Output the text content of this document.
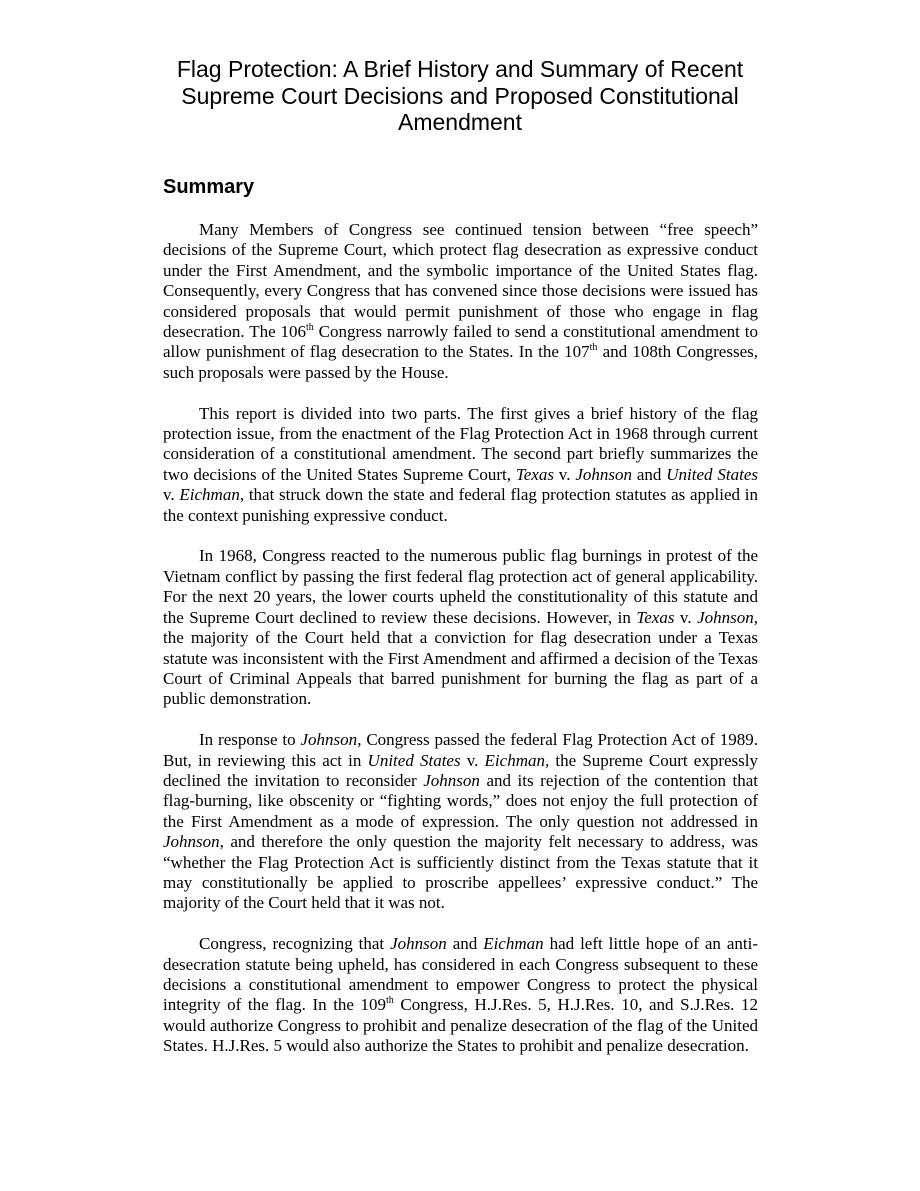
Flag Protection: A Brief History and Summary of Recent Supreme Court Decisions and Proposed Constitutional Amendment
Summary

Many Members of Congress see continued tension between “free speech” decisions of the Supreme Court, which protect flag desecration as expressive conduct under the First Amendment, and the symbolic importance of the United States flag. Consequently, every Congress that has convened since those decisions were issued has considered proposals that would permit punishment of those who engage in flag desecration. The 106th Congress narrowly failed to send a constitutional amendment to allow punishment of flag desecration to the States. In the 107th and 108th Congresses, such proposals were passed by the House.

This report is divided into two parts. The first gives a brief history of the flag protection issue, from the enactment of the Flag Protection Act in 1968 through current consideration of a constitutional amendment. The second part briefly summarizes the two decisions of the United States Supreme Court, Texas v. Johnson and United States v. Eichman, that struck down the state and federal flag protection statutes as applied in the context punishing expressive conduct.

In 1968, Congress reacted to the numerous public flag burnings in protest of the Vietnam conflict by passing the first federal flag protection act of general applicability. For the next 20 years, the lower courts upheld the constitutionality of this statute and the Supreme Court declined to review these decisions. However, in Texas v. Johnson, the majority of the Court held that a conviction for flag desecration under a Texas statute was inconsistent with the First Amendment and affirmed a decision of the Texas Court of Criminal Appeals that barred punishment for burning the flag as part of a public demonstration.

In response to Johnson, Congress passed the federal Flag Protection Act of 1989. But, in reviewing this act in United States v. Eichman, the Supreme Court expressly declined the invitation to reconsider Johnson and its rejection of the contention that flag-burning, like obscenity or “fighting words,” does not enjoy the full protection of the First Amendment as a mode of expression. The only question not addressed in Johnson, and therefore the only question the majority felt necessary to address, was “whether the Flag Protection Act is sufficiently distinct from the Texas statute that it may constitutionally be applied to proscribe appellees’ expressive conduct.” The majority of the Court held that it was not.

Congress, recognizing that Johnson and Eichman had left little hope of an anti-desecration statute being upheld, has considered in each Congress subsequent to these decisions a constitutional amendment to empower Congress to protect the physical integrity of the flag. In the 109th Congress, H.J.Res. 5, H.J.Res. 10, and S.J.Res. 12 would authorize Congress to prohibit and penalize desecration of the flag of the United States. H.J.Res. 5 would also authorize the States to prohibit and penalize desecration.
